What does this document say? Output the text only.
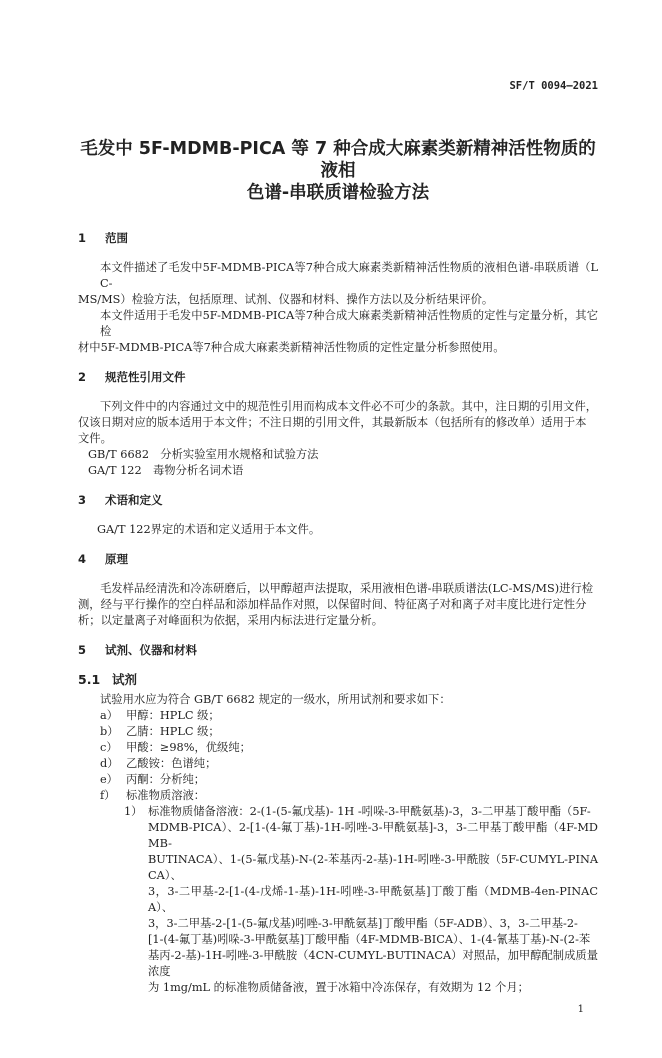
SF/T 0094—2021
毛发中 5F-MDMB-PICA 等 7 种合成大麻素类新精神活性物质的液相
色谱-串联质谱检验方法
1 范围
本文件描述了毛发中5F-MDMB-PICA等7种合成大麻素类新精神活性物质的液相色谱-串联质谱（LC-
MS/MS）检验方法，包括原理、试剂、仪器和材料、操作方法以及分析结果评价。
本文件适用于毛发中5F-MDMB-PICA等7种合成大麻素类新精神活性物质的定性与定量分析，其它检
材中5F-MDMB-PICA等7种合成大麻素类新精神活性物质的定性定量分析参照使用。
2 规范性引用文件
下列文件中的内容通过文中的规范性引用而构成本文件必不可少的条款。其中，注日期的引用文件，
仅该日期对应的版本适用于本文件；不注日期的引用文件，其最新版本（包括所有的修改单）适用于本
文件。
GB/T 6682　分析实验室用水规格和试验方法
GA/T 122　毒物分析名词术语
3 术语和定义
GA/T 122界定的术语和定义适用于本文件。
4 原理
毛发样品经清洗和冷冻研磨后，以甲醇超声法提取，采用液相色谱-串联质谱法(LC-MS/MS)进行检
测，经与平行操作的空白样品和添加样品作对照，以保留时间、特征离子对和离子对丰度比进行定性分
析；以定量离子对峰面积为依据，采用内标法进行定量分析。
5 试剂、仪器和材料
5.1 试剂
试验用水应为符合 GB/T 6682 规定的一级水，所用试剂和要求如下：
a） 甲醇：HPLC 级；
b） 乙腈：HPLC 级；
c） 甲酸：≥98%，优级纯；
d） 乙酸铵：色谱纯；
e） 丙酮：分析纯；
f） 标准物质溶液：
1） 标准物质储备溶液：2-(1-(5-氟戊基)- 1H -吲哚-3-甲酰氨基)-3，3-二甲基丁酸甲酯（5F-
MDMB-PICA）、2-[1-(4-氟丁基)-1H-吲唑-3-甲酰氨基]-3，3-二甲基丁酸甲酯（4F-MDMB-
BUTINACA）、1-(5-氟戊基)-N-(2-苯基丙-2-基)-1H-吲唑-3-甲酰胺（5F-CUMYL-PINACA）、
3，3-二甲基-2-[1-(4-戊烯-1-基)-1H-吲唑-3-甲酰氨基]丁酸丁酯（MDMB-4en-PINACA）、
3，3-二甲基-2-[1-(5-氟戊基)吲唑-3-甲酰氨基]丁酸甲酯（5F-ADB）、3，3-二甲基-2-
[1-(4-氟丁基)吲哚-3-甲酰氨基]丁酸甲酯（4F-MDMB-BICA）、1-(4-氰基丁基)-N-(2-苯
基丙-2-基)-1H-吲唑-3-甲酰胺（4CN-CUMYL-BUTINACA）对照品，加甲醇配制成质量浓度
为 1mg/mL 的标准物质储备液，置于冰箱中冷冻保存，有效期为 12 个月；
1
